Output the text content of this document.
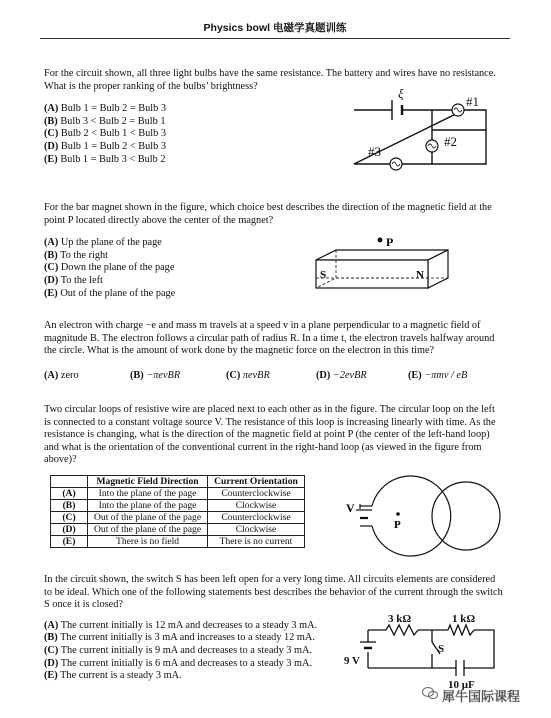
Physics bowl 电磁学真题训练
For the circuit shown, all three light bulbs have the same resistance. The battery and wires have no resistance. What is the proper ranking of the bulbs’ brightness?
(A) Bulb 1 = Bulb 2 = Bulb 3
(B) Bulb 3 < Bulb 2 = Bulb 1
(C) Bulb 2 < Bulb 1 < Bulb 3
(D) Bulb 1 = Bulb 2 < Bulb 3
(E) Bulb 1 = Bulb 3 < Bulb 2
ξ
#1
#2
#3
For the bar magnet shown in the figure, which choice best describes the direction of the magnetic field at the point P located directly above the center of the magnet?
(A) Up the plane of the page
(B) To the right
(C) Down the plane of the page
(D) To the left
(E) Out of the plane of the page
P
S	N
An electron with charge −e and mass m travels at a speed v in a plane perpendicular to a magnetic field of magnitude B. The electron follows a circular path of radius R. In a time t, the electron travels halfway around the circle. What is the amount of work done by the magnetic force on the electron in this time?
(A) zero	(B) −πevBR	(C) πevBR	(D) −2evBR	(E) −πmv / eB
Two circular loops of resistive wire are placed next to each other as in the figure. The circular loop on the left is connected to a constant voltage source V. The resistance of this loop is increasing linearly with time. As the resistance is changing, what is the direction of the magnetic field at point P (the center of the left-hand loop) and what is the orientation of the conventional current in the right-hand loop (as viewed in the figure from above)?
	Magnetic Field Direction	Current Orientation
(A)	Into the plane of the page	Counterclockwise
(B)	Into the plane of the page	Clockwise
(C)	Out of the plane of the page	Counterclockwise
(D)	Out of the plane of the page	Clockwise
(E)	There is no field	There is no current
V
P
In the circuit shown, the switch S has been left open for a very long time. All circuits elements are considered to be ideal. Which one of the following statements best describes the behavior of the current through the switch S once it is closed?
(A) The current initially is 12 mA and decreases to a steady 3 mA.
(B) The current initially is 3 mA and increases to a steady 12 mA.
(C) The current initially is 9 mA and decreases to a steady 3 mA.
(D) The current initially is 6 mA and decreases to a steady 3 mA.
(E) The current is a steady 3 mA.
3 kΩ	1 kΩ
S
9 V
10 μF
犀牛国际课程
